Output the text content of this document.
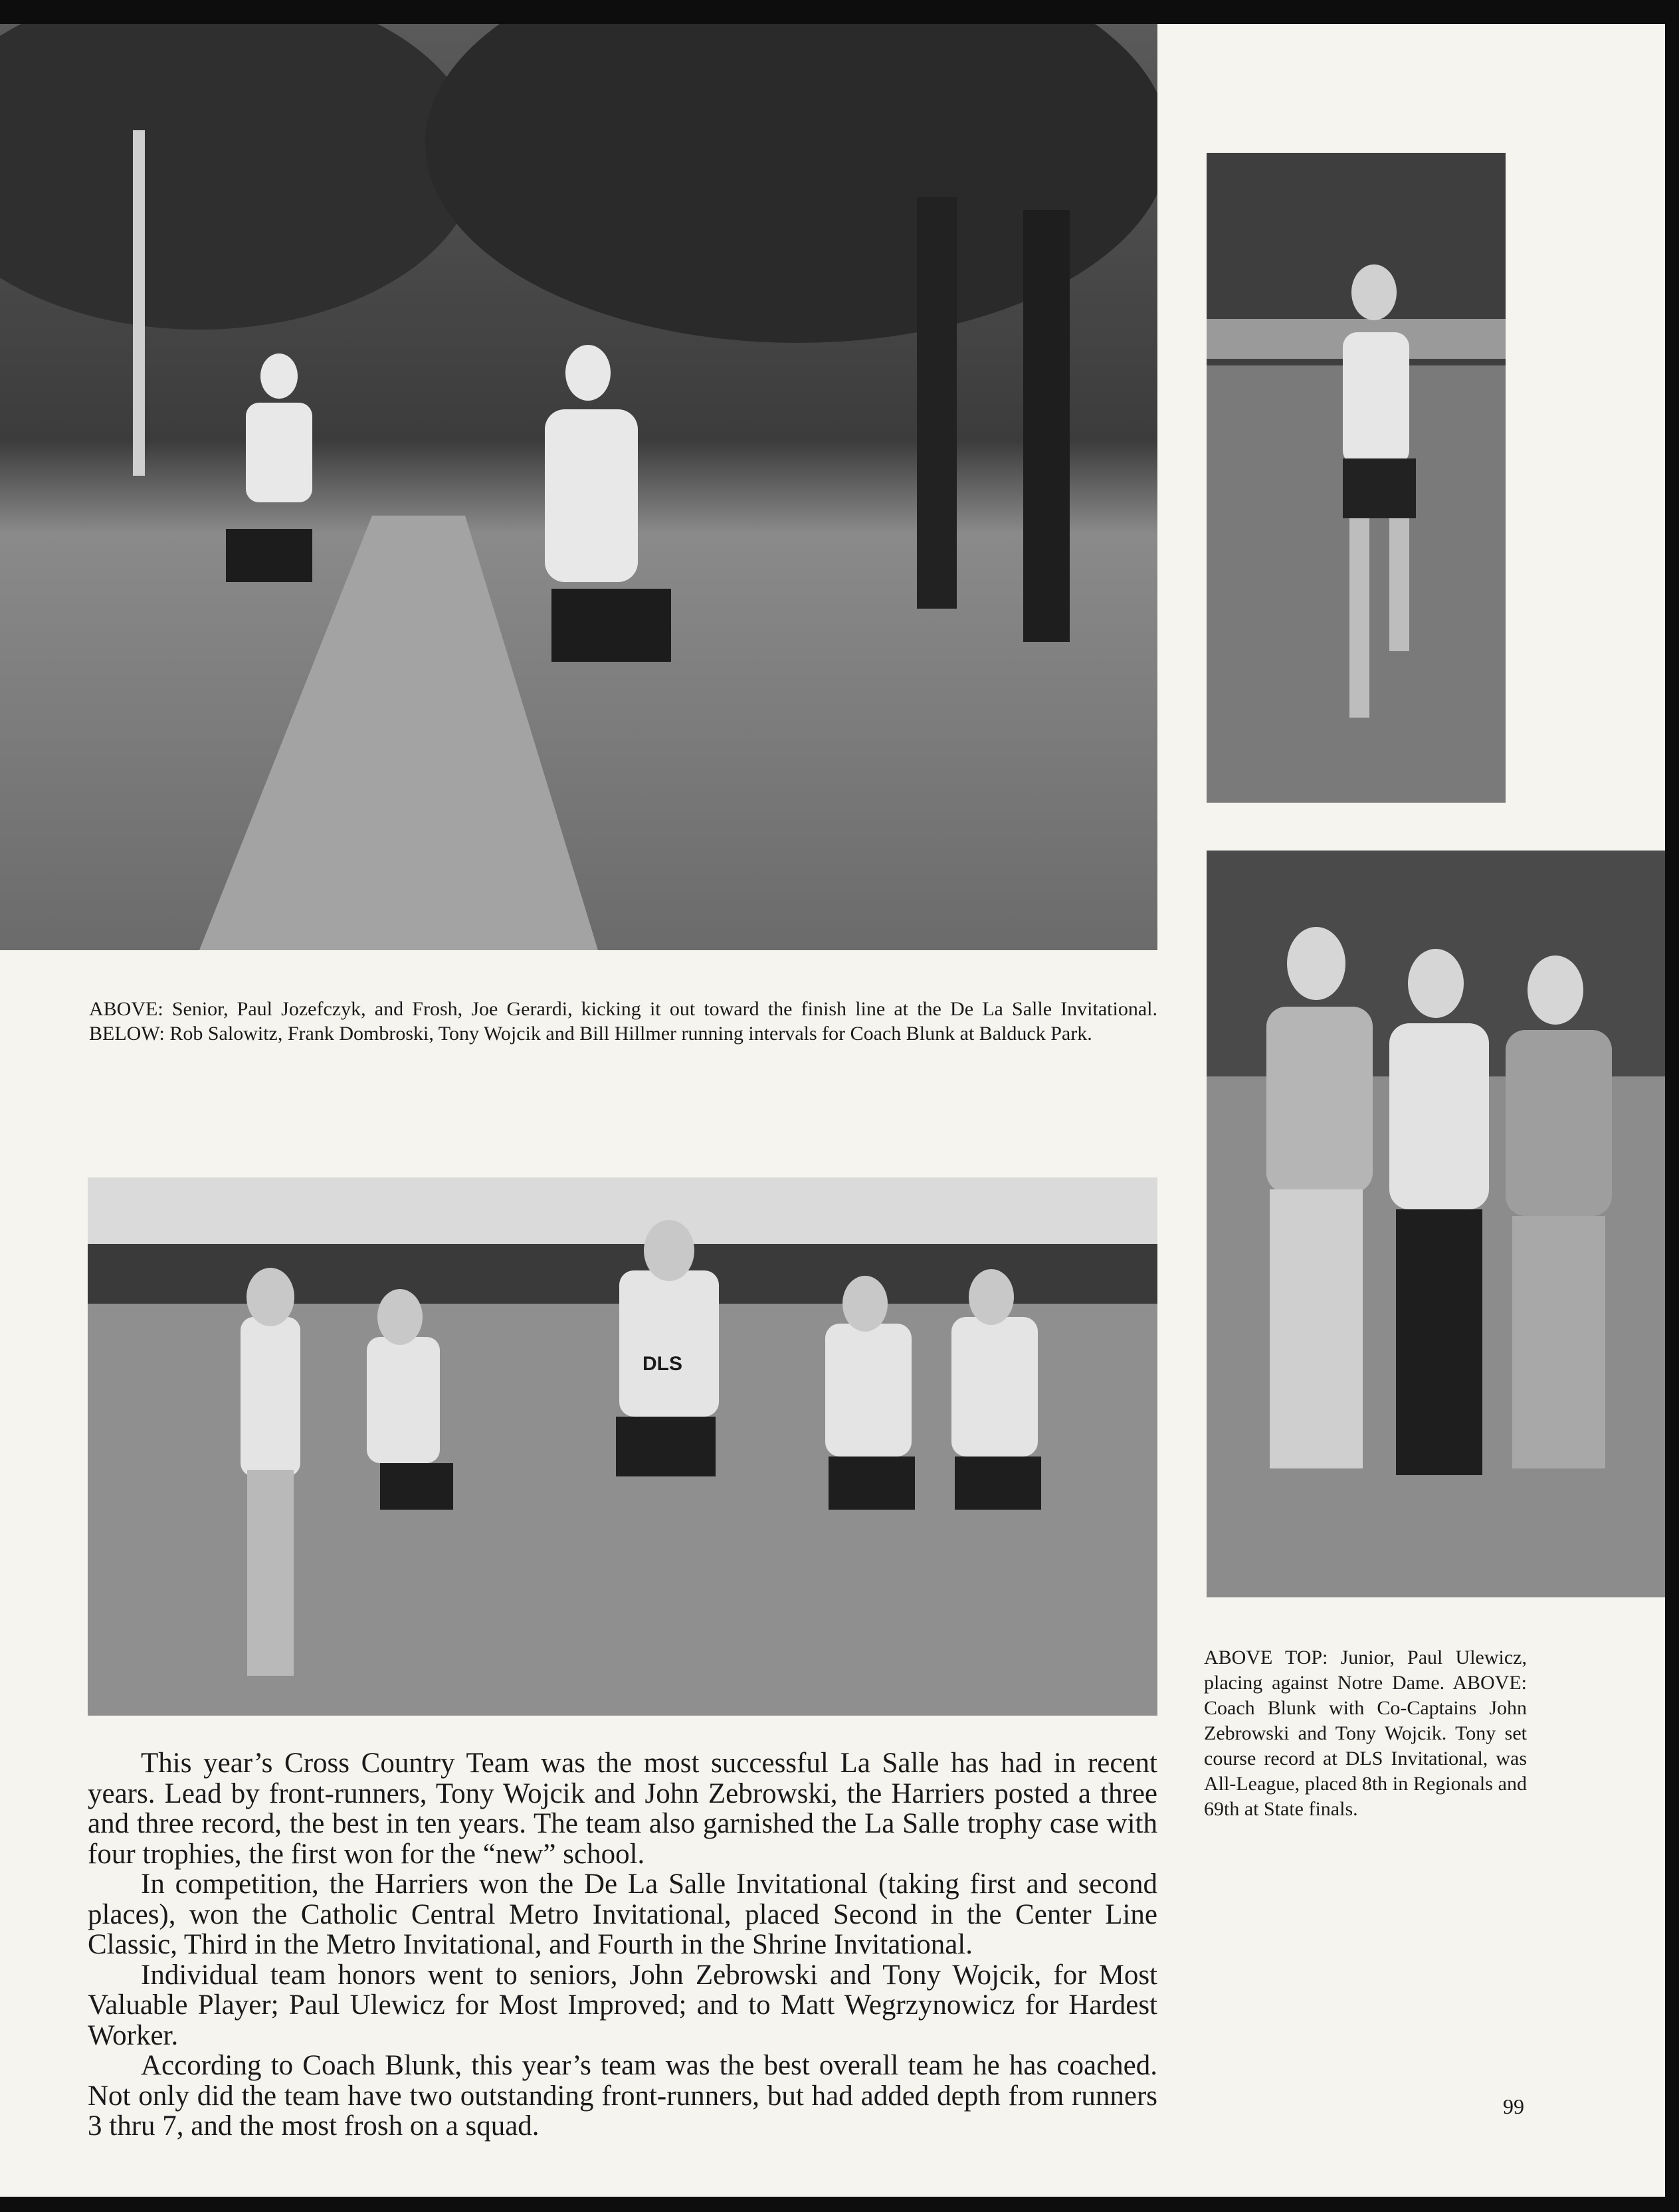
ABOVE: Senior, Paul Jozefczyk, and Frosh, Joe Gerardi, kicking it out toward the finish line at the De La Salle Invitational. BELOW: Rob Salowitz, Frank Dombroski, Tony Wojcik and Bill Hillmer running intervals for Coach Blunk at Balduck Park.

DLS

ABOVE TOP: Junior, Paul Ulewicz, placing against Notre Dame. ABOVE: Coach Blunk with Co-Captains John Zebrowski and Tony Wojcik. Tony set course record at DLS Invitational, was All-League, placed 8th in Regionals and 69th at State finals.

This year’s Cross Country Team was the most successful La Salle has had in recent years. Lead by front-runners, Tony Wojcik and John Zebrowski, the Harriers posted a three and three record, the best in ten years. The team also garnished the La Salle trophy case with four trophies, the first won for the “new” school.

In competition, the Harriers won the De La Salle Invitational (taking first and second places), won the Catholic Central Metro Invitational, placed Second in the Center Line Classic, Third in the Metro Invitational, and Fourth in the Shrine Invitational.

Individual team honors went to seniors, John Zebrowski and Tony Wojcik, for Most Valuable Player; Paul Ulewicz for Most Improved; and to Matt Wegrzynowicz for Hardest Worker.

According to Coach Blunk, this year’s team was the best overall team he has coached. Not only did the team have two outstanding front-runners, but had added depth from runners 3 thru 7, and the most frosh on a squad.

99
